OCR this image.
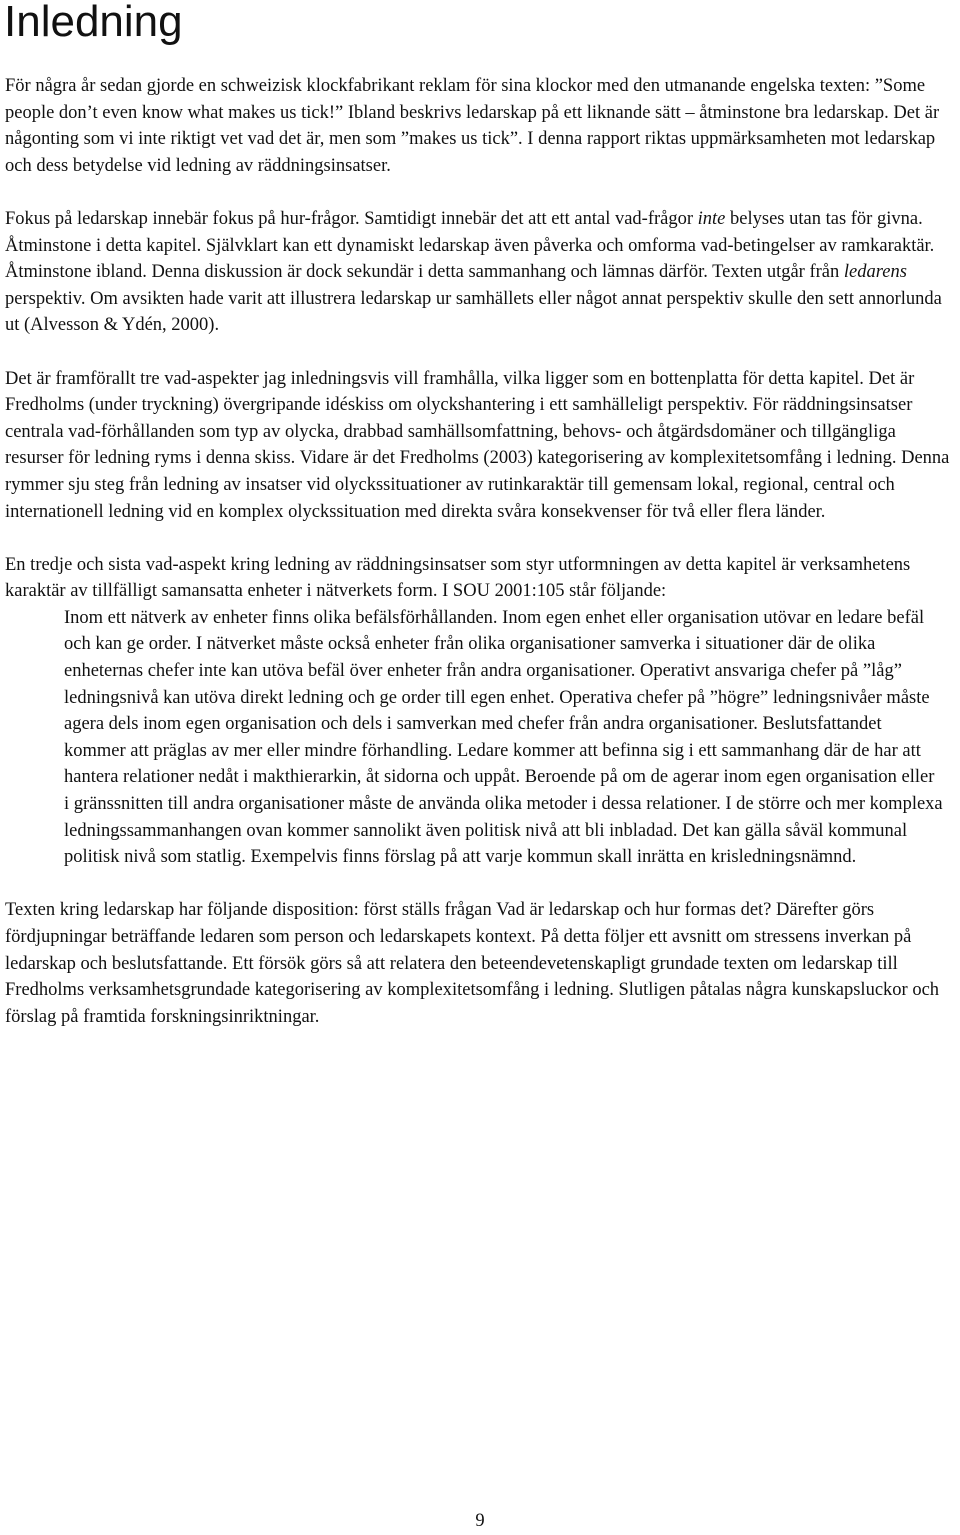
Inledning

För några år sedan gjorde en schweizisk klockfabrikant reklam för sina klockor med den utmanande engelska texten: ”Some people don’t even know what makes us tick!” Ibland beskrivs ledarskap på ett liknande sätt – åtminstone bra ledarskap. Det är någonting som vi inte riktigt vet vad det är, men som ”makes us tick”. I denna rapport riktas uppmärksamheten mot ledarskap och dess betydelse vid ledning av räddningsinsatser.

Fokus på ledarskap innebär fokus på hur-frågor. Samtidigt innebär det att ett antal vad-frågor inte belyses utan tas för givna. Åtminstone i detta kapitel. Självklart kan ett dynamiskt ledarskap även påverka och omforma vad-betingelser av ramkaraktär. Åtminstone ibland. Denna diskussion är dock sekundär i detta sammanhang och lämnas därför. Texten utgår från ledarens perspektiv. Om avsikten hade varit att illustrera ledarskap ur samhällets eller något annat perspektiv skulle den sett annorlunda ut (Alvesson & Ydén, 2000).

Det är framförallt tre vad-aspekter jag inledningsvis vill framhålla, vilka ligger som en bottenplatta för detta kapitel. Det är Fredholms (under tryckning) övergripande idéskiss om olyckshantering i ett samhälleligt perspektiv. För räddningsinsatser centrala vad-förhållanden som typ av olycka, drabbad samhällsomfattning, behovs- och åtgärdsdomäner och tillgängliga resurser för ledning ryms i denna skiss. Vidare är det Fredholms (2003) kategorisering av komplexitetsomfång i ledning. Denna rymmer sju steg från ledning av insatser vid olyckssituationer av rutinkaraktär till gemensam lokal, regional, central och internationell ledning vid en komplex olyckssituation med direkta svåra konsekvenser för två eller flera länder.

En tredje och sista vad-aspekt kring ledning av räddningsinsatser som styr utformningen av detta kapitel är verksamhetens karaktär av tillfälligt samansatta enheter i nätverkets form. I SOU 2001:105 står följande:

Inom ett nätverk av enheter finns olika befälsförhållanden. Inom egen enhet eller organisation utövar en ledare befäl och kan ge order. I nätverket måste också enheter från olika organisationer samverka i situationer där de olika enheternas chefer inte kan utöva befäl över enheter från andra organisationer. Operativt ansvariga chefer på ”låg” ledningsnivå kan utöva direkt ledning och ge order till egen enhet. Operativa chefer på ”högre” ledningsnivåer måste agera dels inom egen organisation och dels i samverkan med chefer från andra organisationer. Beslutsfattandet kommer att präglas av mer eller mindre förhandling. Ledare kommer att befinna sig i ett sammanhang där de har att hantera relationer nedåt i makthierarkin, åt sidorna och uppåt. Beroende på om de agerar inom egen organisation eller i gränssnitten till andra organisationer måste de använda olika metoder i dessa relationer. I de större och mer komplexa ledningssammanhangen ovan kommer sannolikt även politisk nivå att bli inbladad. Det kan gälla såväl kommunal politisk nivå som statlig. Exempelvis finns förslag på att varje kommun skall inrätta en krisledningsnämnd.

Texten kring ledarskap har följande disposition: först ställs frågan Vad är ledarskap och hur formas det? Därefter görs fördjupningar beträffande ledaren som person och ledarskapets kontext. På detta följer ett avsnitt om stressens inverkan på ledarskap och beslutsfattande. Ett försök görs så att relatera den beteendevetenskapligt grundade texten om ledarskap till Fredholms verksamhetsgrundade kategorisering av komplexitetsomfång i ledning. Slutligen påtalas några kunskapsluckor och förslag på framtida forskningsinriktningar.

9
